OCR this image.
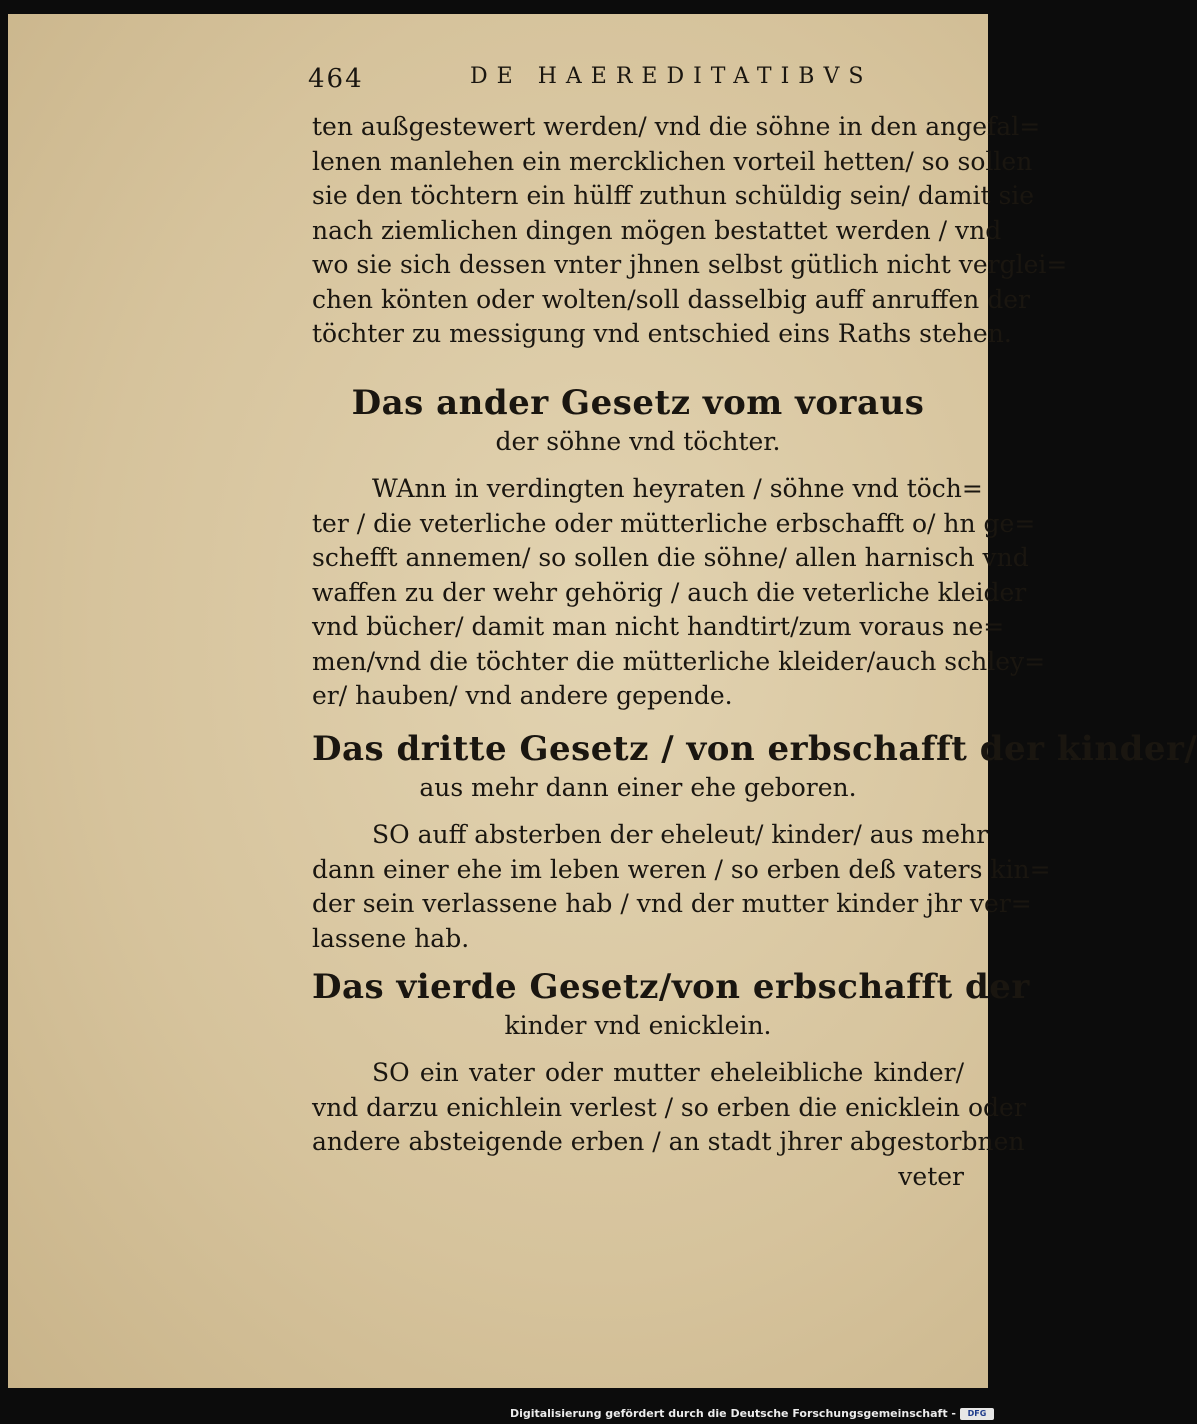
464	DE HAEREDITATIBVS
ten außgestewert werden/ vnd die söhne in den angefal=
lenen manlehen ein mercklichen vorteil hetten/ so sollen
sie den töchtern ein hülff zuthun schüldig sein/ damit sie
nach ziemlichen dingen mögen bestattet werden / vnd
wo sie sich dessen vnter jhnen selbst gütlich nicht verglei=
chen könten oder wolten/soll dasselbig auff anruffen der
töchter zu messigung vnd entschied eins Raths stehen.
Das ander Gesetz vom voraus
der söhne vnd töchter.
WAnn in verdingten heyraten / söhne vnd töch=
ter / die veterliche oder mütterliche erbschafft o/ hn ge=
schefft annemen/ so sollen die söhne/ allen harnisch vnd
waffen zu der wehr gehörig / auch die veterliche kleider
vnd bücher/ damit man nicht handtirt/zum voraus ne=
men/vnd die töchter die mütterliche kleider/auch schley=
er/ hauben/ vnd andere gepende.
Das dritte Gesetz / von erbschafft der kinder/
aus mehr dann einer ehe geboren.
SO auff absterben der eheleut/ kinder/ aus mehr
dann einer ehe im leben weren / so erben deß vaters kin=
der sein verlassene hab / vnd der mutter kinder jhr ver=
lassene hab.
Das vierde Gesetz/von erbschafft der
kinder vnd enicklein.
SO ein vater oder mutter eheleibliche kinder/
vnd darzu enichlein verlest / so erben die enicklein oder
andere absteigende erben / an stadt jhrer abgestorbnen
veter
Digitalisierung gefördert durch die Deutsche Forschungsgemeinschaft -	DFG
